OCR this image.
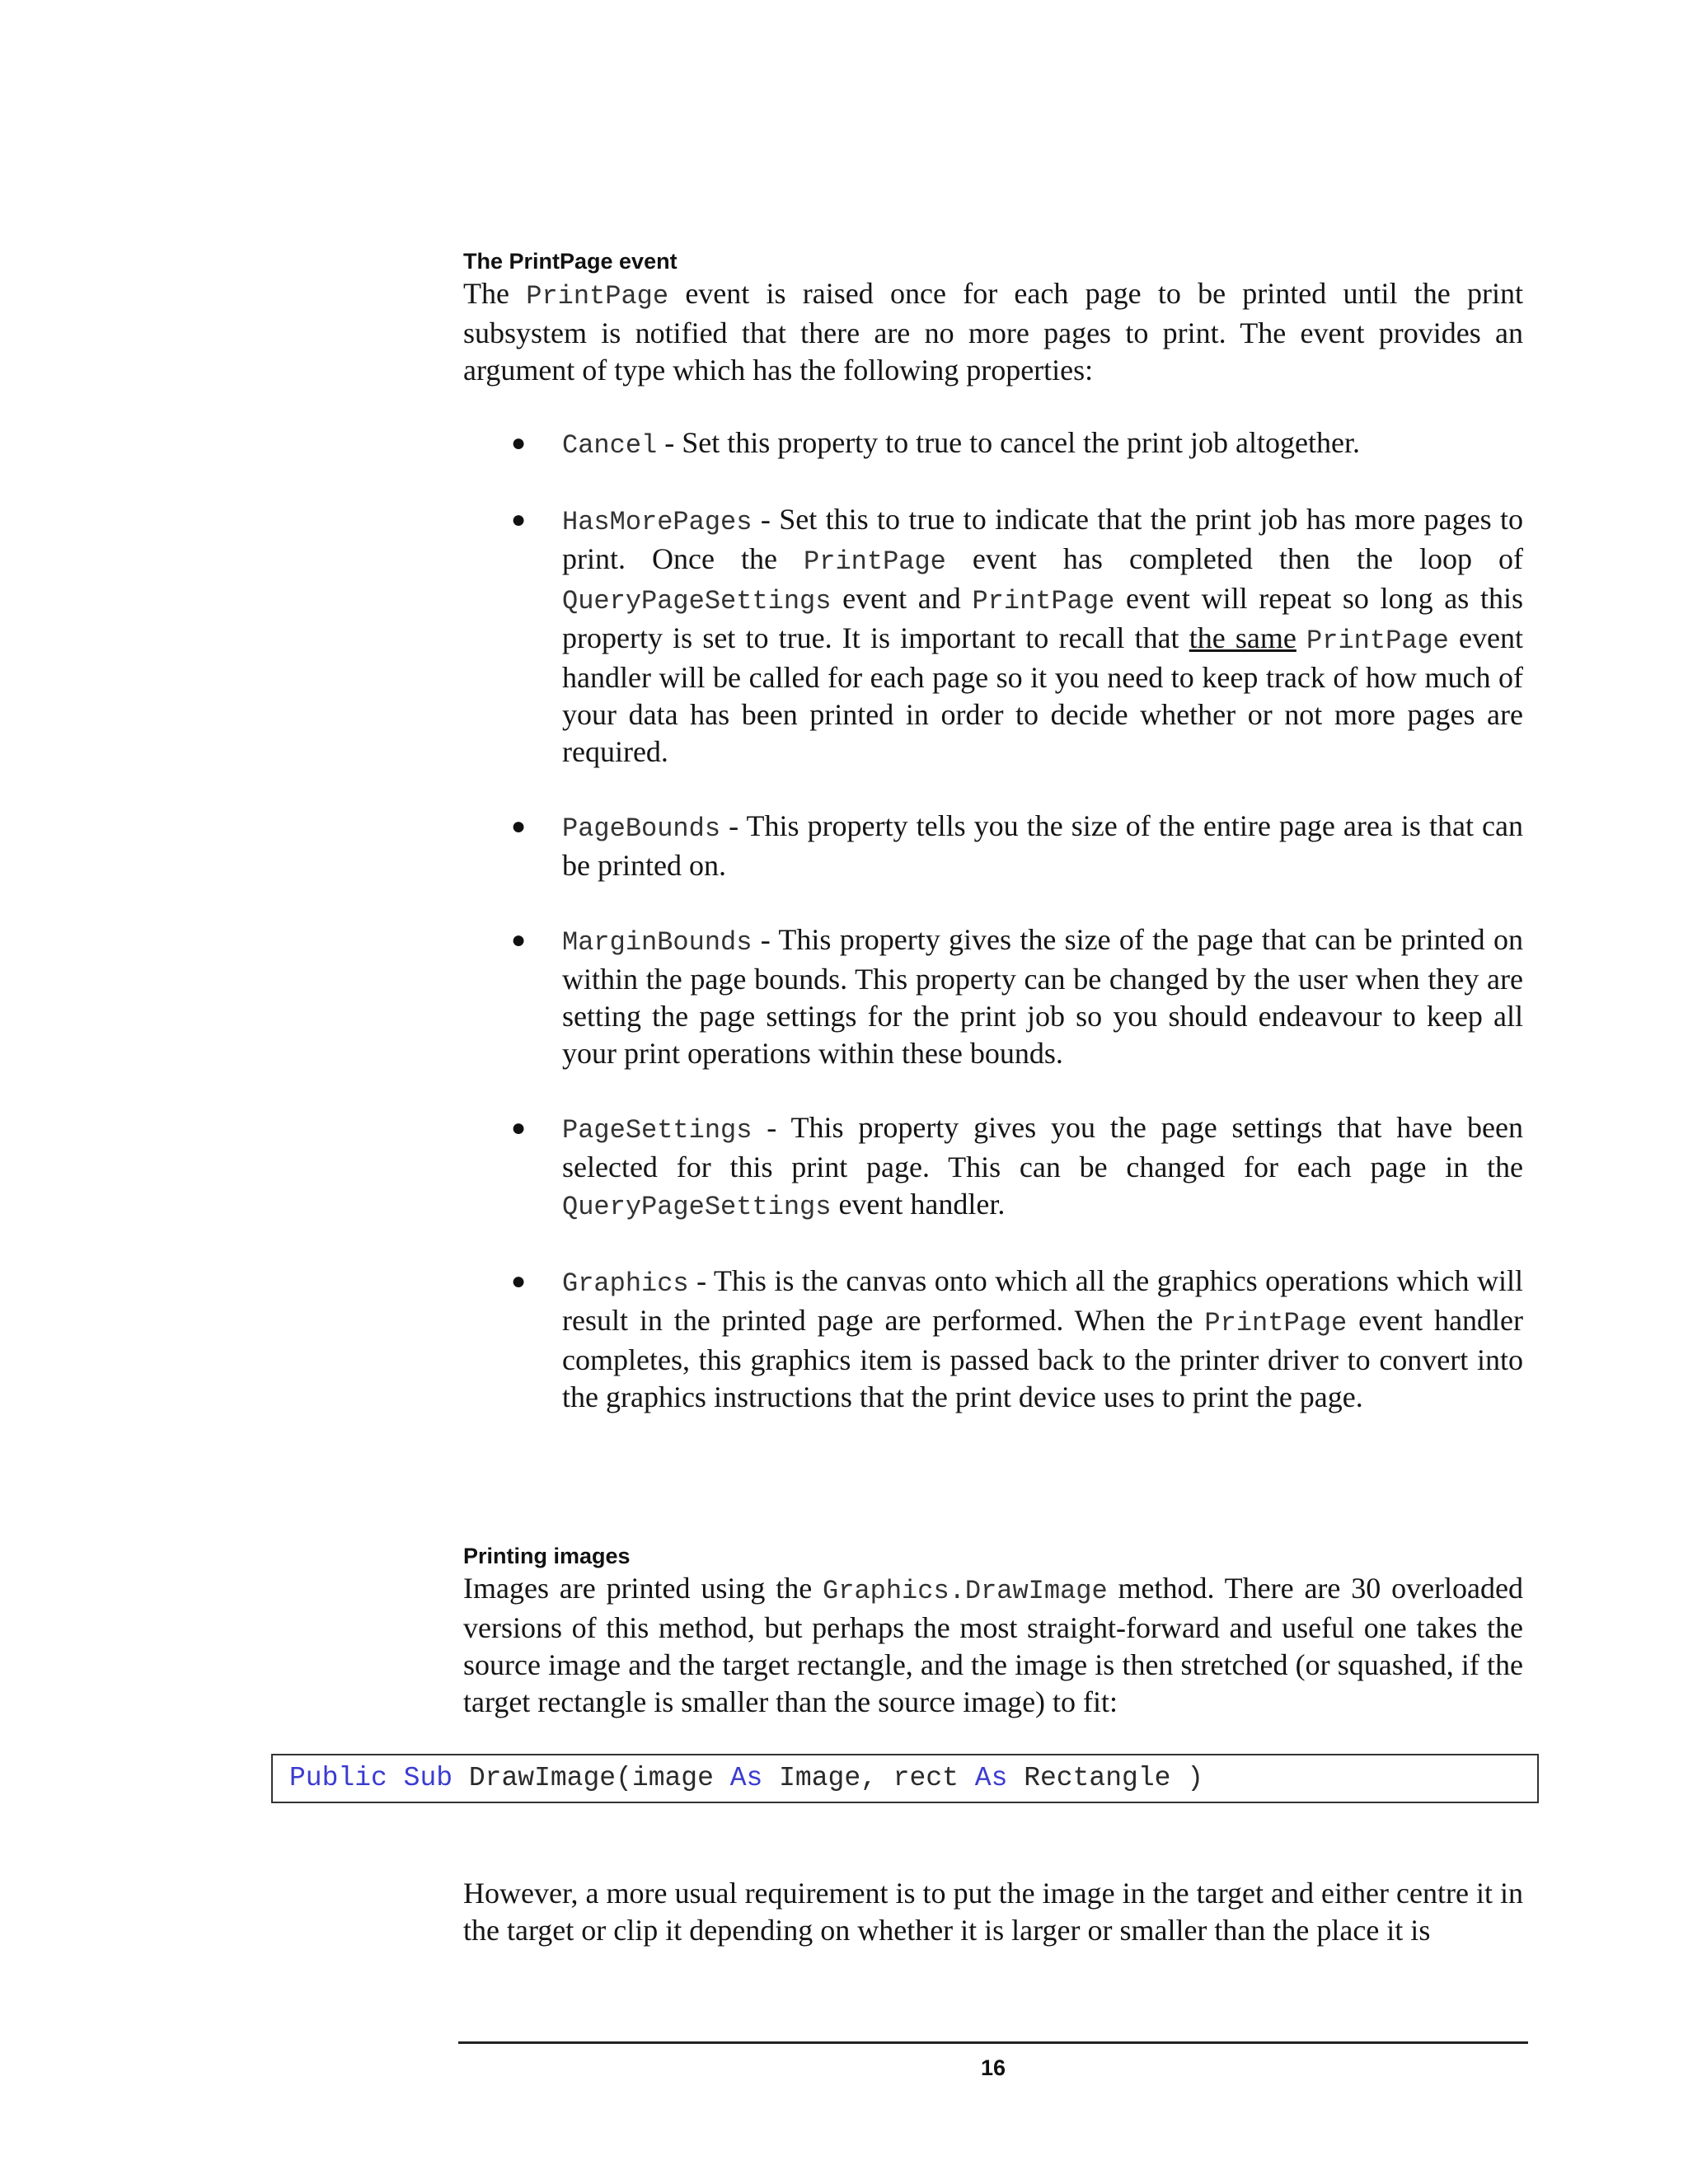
The PrintPage event
The PrintPage event is raised once for each page to be printed until the print subsystem is notified that there are no more pages to print. The event provides an argument of type which has the following properties:
●	Cancel - Set this property to true to cancel the print job altogether.
●	HasMorePages - Set this to true to indicate that the print job has more pages to print. Once the PrintPage event has completed then the loop of QueryPageSettings event and PrintPage event will repeat so long as this property is set to true. It is important to recall that the same PrintPage event handler will be called for each page so it you need to keep track of how much of your data has been printed in order to decide whether or not more pages are required.
●	PageBounds - This property tells you the size of the entire page area is that can be printed on.
●	MarginBounds - This property gives the size of the page that can be printed on within the page bounds. This property can be changed by the user when they are setting the page settings for the print job so you should endeavour to keep all your print operations within these bounds.
●	PageSettings - This property gives you the page settings that have been selected for this print page. This can be changed for each page in the QueryPageSettings event handler.
●	Graphics - This is the canvas onto which all the graphics operations which will result in the printed page are performed. When the PrintPage event handler completes, this graphics item is passed back to the printer driver to convert into the graphics instructions that the print device uses to print the page.
Printing images
Images are printed using the Graphics.DrawImage method. There are 30 overloaded versions of this method, but perhaps the most straight-forward and useful one takes the source image and the target rectangle, and the image is then stretched (or squashed, if the target rectangle is smaller than the source image) to fit:
Public Sub DrawImage(image As Image, rect As Rectangle )
However, a more usual requirement is to put the image in the target and either centre it in the target or clip it depending on whether it is larger or smaller than the place it is
16
